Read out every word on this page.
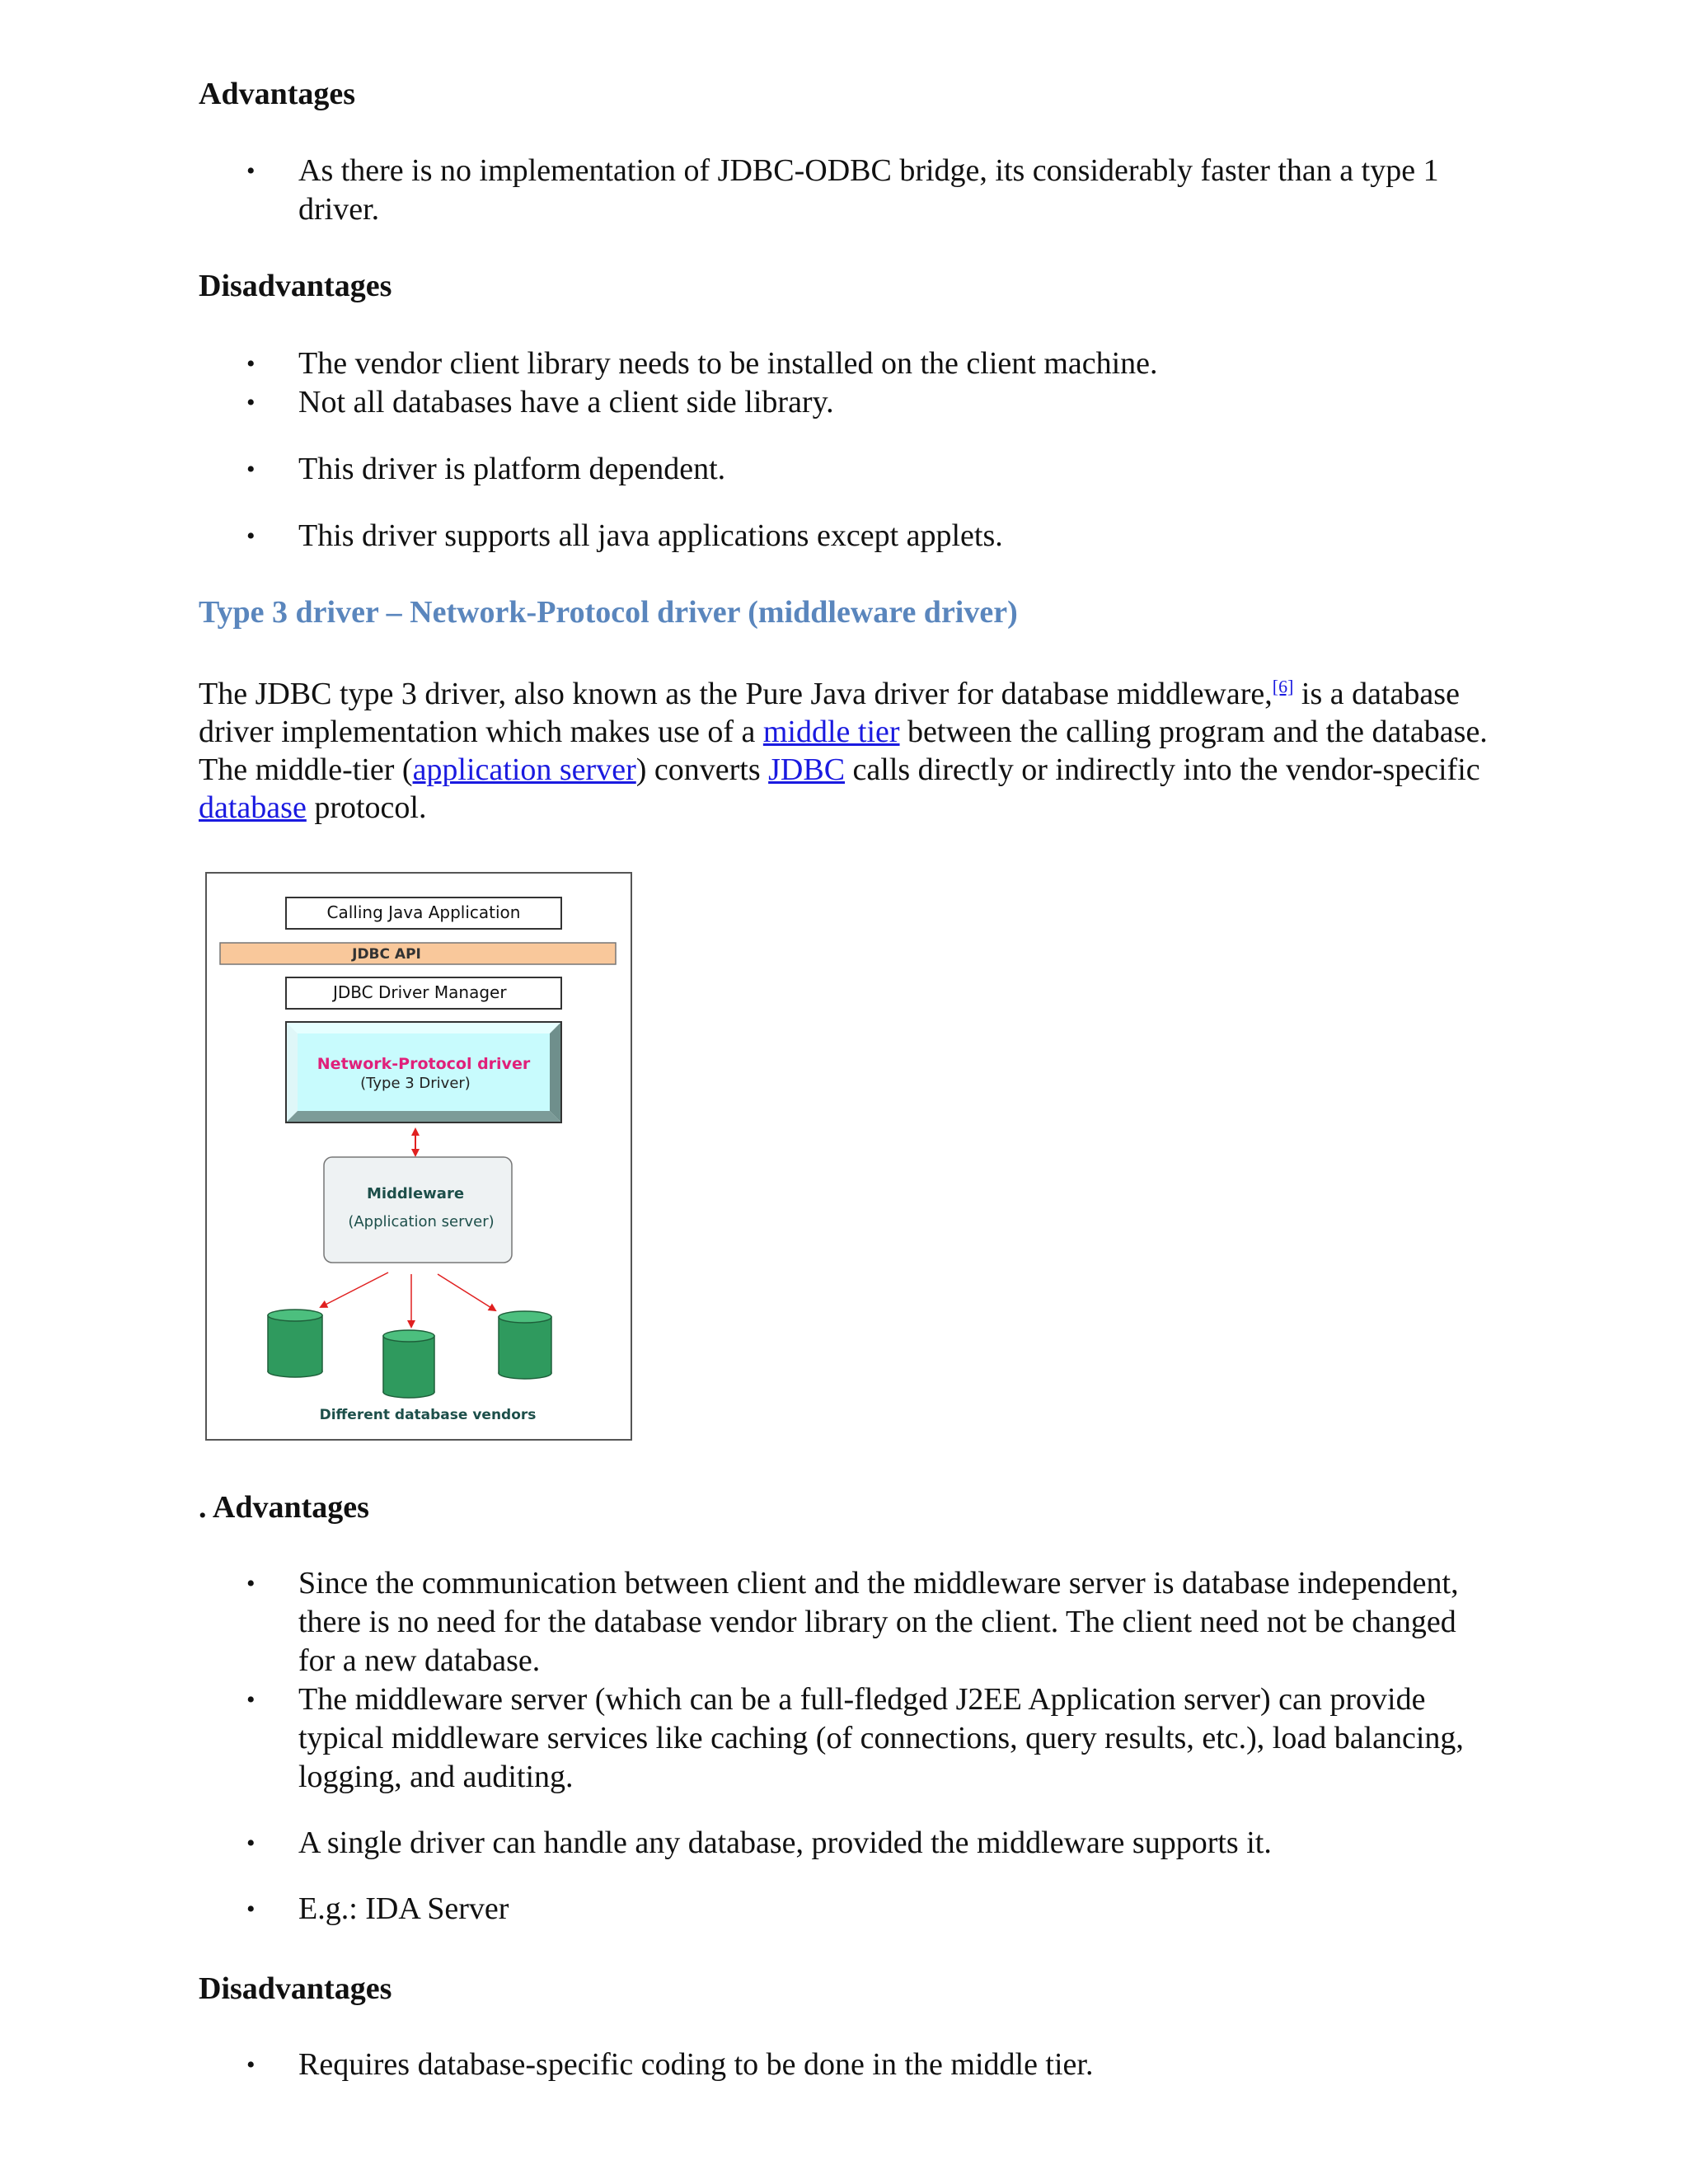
Advantages
• As there is no implementation of JDBC-ODBC bridge, its considerably faster than a type 1 driver.
Disadvantages
• The vendor client library needs to be installed on the client machine.
• Not all databases have a client side library.
• This driver is platform dependent.
• This driver supports all java applications except applets.
Type 3 driver – Network-Protocol driver (middleware driver)

The JDBC type 3 driver, also known as the Pure Java driver for database middleware,[6] is a database driver implementation which makes use of a middle tier between the calling program and the database. The middle-tier (application server) converts JDBC calls directly or indirectly into the vendor-specific database protocol.

Calling Java Application
JDBC API
JDBC Driver Manager
Network-Protocol driver
(Type 3 Driver)
Middleware
(Application server)
Different database vendors
. Advantages
• Since the communication between client and the middleware server is database independent, there is no need for the database vendor library on the client. The client need not be changed for a new database.
• The middleware server (which can be a full-fledged J2EE Application server) can provide typical middleware services like caching (of connections, query results, etc.), load balancing, logging, and auditing.
• A single driver can handle any database, provided the middleware supports it.
• E.g.: IDA Server
Disadvantages
• Requires database-specific coding to be done in the middle tier.
